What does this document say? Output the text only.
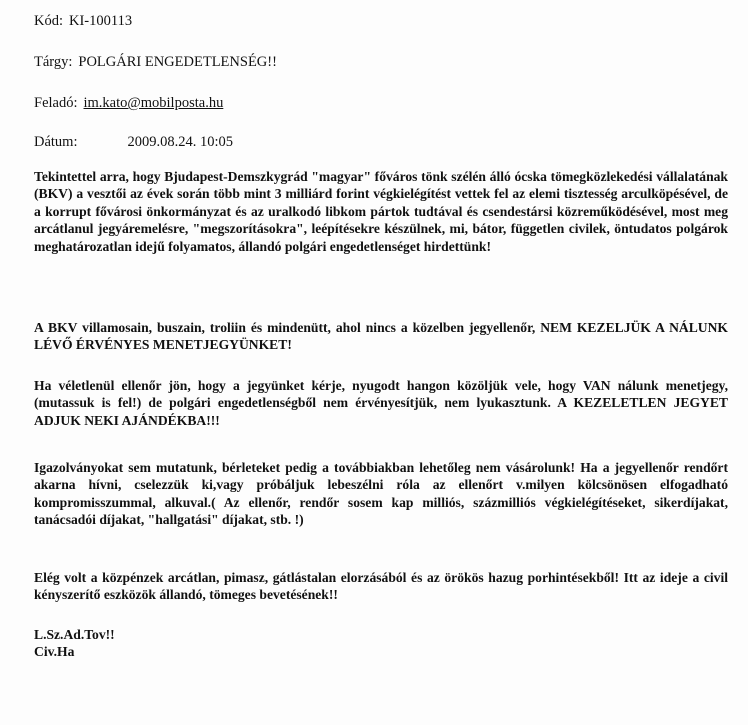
Kód: KI-100113
Tárgy: POLGÁRI ENGEDETLENSÉG!!
Feladó: im.kato@mobilposta.hu
Dátum:	2009.08.24. 10:05

Tekintettel arra, hogy Bjudapest-Demszkygrád "magyar" főváros tönk szélén álló ócska tömegközlekedési vállalatának (BKV) a vesztői az évek során több mint 3 milliárd forint végkielégítést vettek fel az elemi tisztesség arculköpésével, de a korrupt fővárosi önkormányzat és az uralkodó libkom pártok tudtával és csendestársi közreműködésével, most meg arcátlanul jegyáremelésre, "megszorításokra", leépítésekre készülnek, mi, bátor, független civilek, öntudatos polgárok meghatározatlan idejű folyamatos, állandó polgári engedetlenséget hirdettünk!

A BKV villamosain, buszain, troliin és mindenütt, ahol nincs a közelben jegyellenőr, NEM KEZELJÜK A NÁLUNK LÉVŐ ÉRVÉNYES MENETJEGYÜNKET!

Ha véletlenül ellenőr jön, hogy a jegyünket kérje, nyugodt hangon közöljük vele, hogy VAN nálunk menetjegy, (mutassuk is fel!) de polgári engedetlenségből nem érvényesítjük, nem lyukasztunk. A KEZELETLEN JEGYET ADJUK NEKI AJÁNDÉKBA!!!

Igazolványokat sem mutatunk, bérleteket pedig a továbbiakban lehetőleg nem vásárolunk! Ha a jegyellenőr rendőrt akarna hívni, cselezzük ki,vagy próbáljuk lebeszélni róla az ellenőrt v.milyen kölcsönösen elfogadható kompromisszummal, alkuval.( Az ellenőr, rendőr sosem kap milliós, százmilliós végkielégítéseket, sikerdíjakat, tanácsadói díjakat, "hallgatási" díjakat, stb. !)

Elég volt a közpénzek arcátlan, pimasz, gátlástalan elorzásából és az örökös hazug porhintésekből! Itt az ideje a civil kényszerítő eszközök állandó, tömeges bevetésének!!

L.Sz.Ad.Tov!!
Civ.Ha
